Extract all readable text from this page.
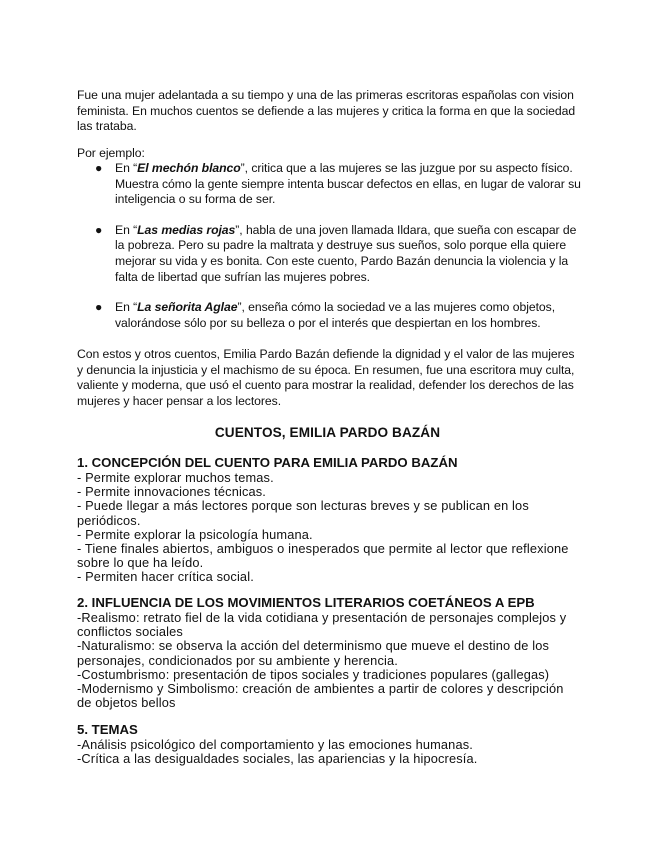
Fue una mujer adelantada a su tiempo y una de las primeras escritoras españolas con vision feminista. En muchos cuentos se defiende a las mujeres y critica la forma en que la sociedad las trataba.

Por ejemplo:

● En “El mechón blanco”, critica que a las mujeres se las juzgue por su aspecto físico. Muestra cómo la gente siempre intenta buscar defectos en ellas, en lugar de valorar su inteligencia o su forma de ser.
● En “Las medias rojas”, habla de una joven llamada Ildara, que sueña con escapar de la pobreza. Pero su padre la maltrata y destruye sus sueños, solo porque ella quiere mejorar su vida y es bonita. Con este cuento, Pardo Bazán denuncia la violencia y la falta de libertad que sufrían las mujeres pobres.
● En “La señorita Aglae”, enseña cómo la sociedad ve a las mujeres como objetos, valorándose sólo por su belleza o por el interés que despiertan en los hombres.

Con estos y otros cuentos, Emilia Pardo Bazán defiende la dignidad y el valor de las mujeres y denuncia la injusticia y el machismo de su época. En resumen, fue una escritora muy culta, valiente y moderna, que usó el cuento para mostrar la realidad, defender los derechos de las mujeres y hacer pensar a los lectores.

CUENTOS, EMILIA PARDO BAZÁN
1. CONCEPCIÓN DEL CUENTO PARA EMILIA PARDO BAZÁN
- Permite explorar muchos temas.
- Permite innovaciones técnicas.
- Puede llegar a más lectores porque son lecturas breves y se publican en los
periódicos.
- Permite explorar la psicología humana.
- Tiene finales abiertos, ambiguos o inesperados que permite al lector que reflexione
sobre lo que ha leído.
- Permiten hacer crítica social.
2. INFLUENCIA DE LOS MOVIMIENTOS LITERARIOS COETÁNEOS A EPB
-Realismo: retrato fiel de la vida cotidiana y presentación de personajes complejos y
conflictos sociales
-Naturalismo: se observa la acción del determinismo que mueve el destino de los
personajes, condicionados por su ambiente y herencia.
-Costumbrismo: presentación de tipos sociales y tradiciones populares (gallegas)
-Modernismo y Simbolismo: creación de ambientes a partir de colores y descripción
de objetos bellos
5. TEMAS
-Análisis psicológico del comportamiento y las emociones humanas.
-Crítica a las desigualdades sociales, las apariencias y la hipocresía.
